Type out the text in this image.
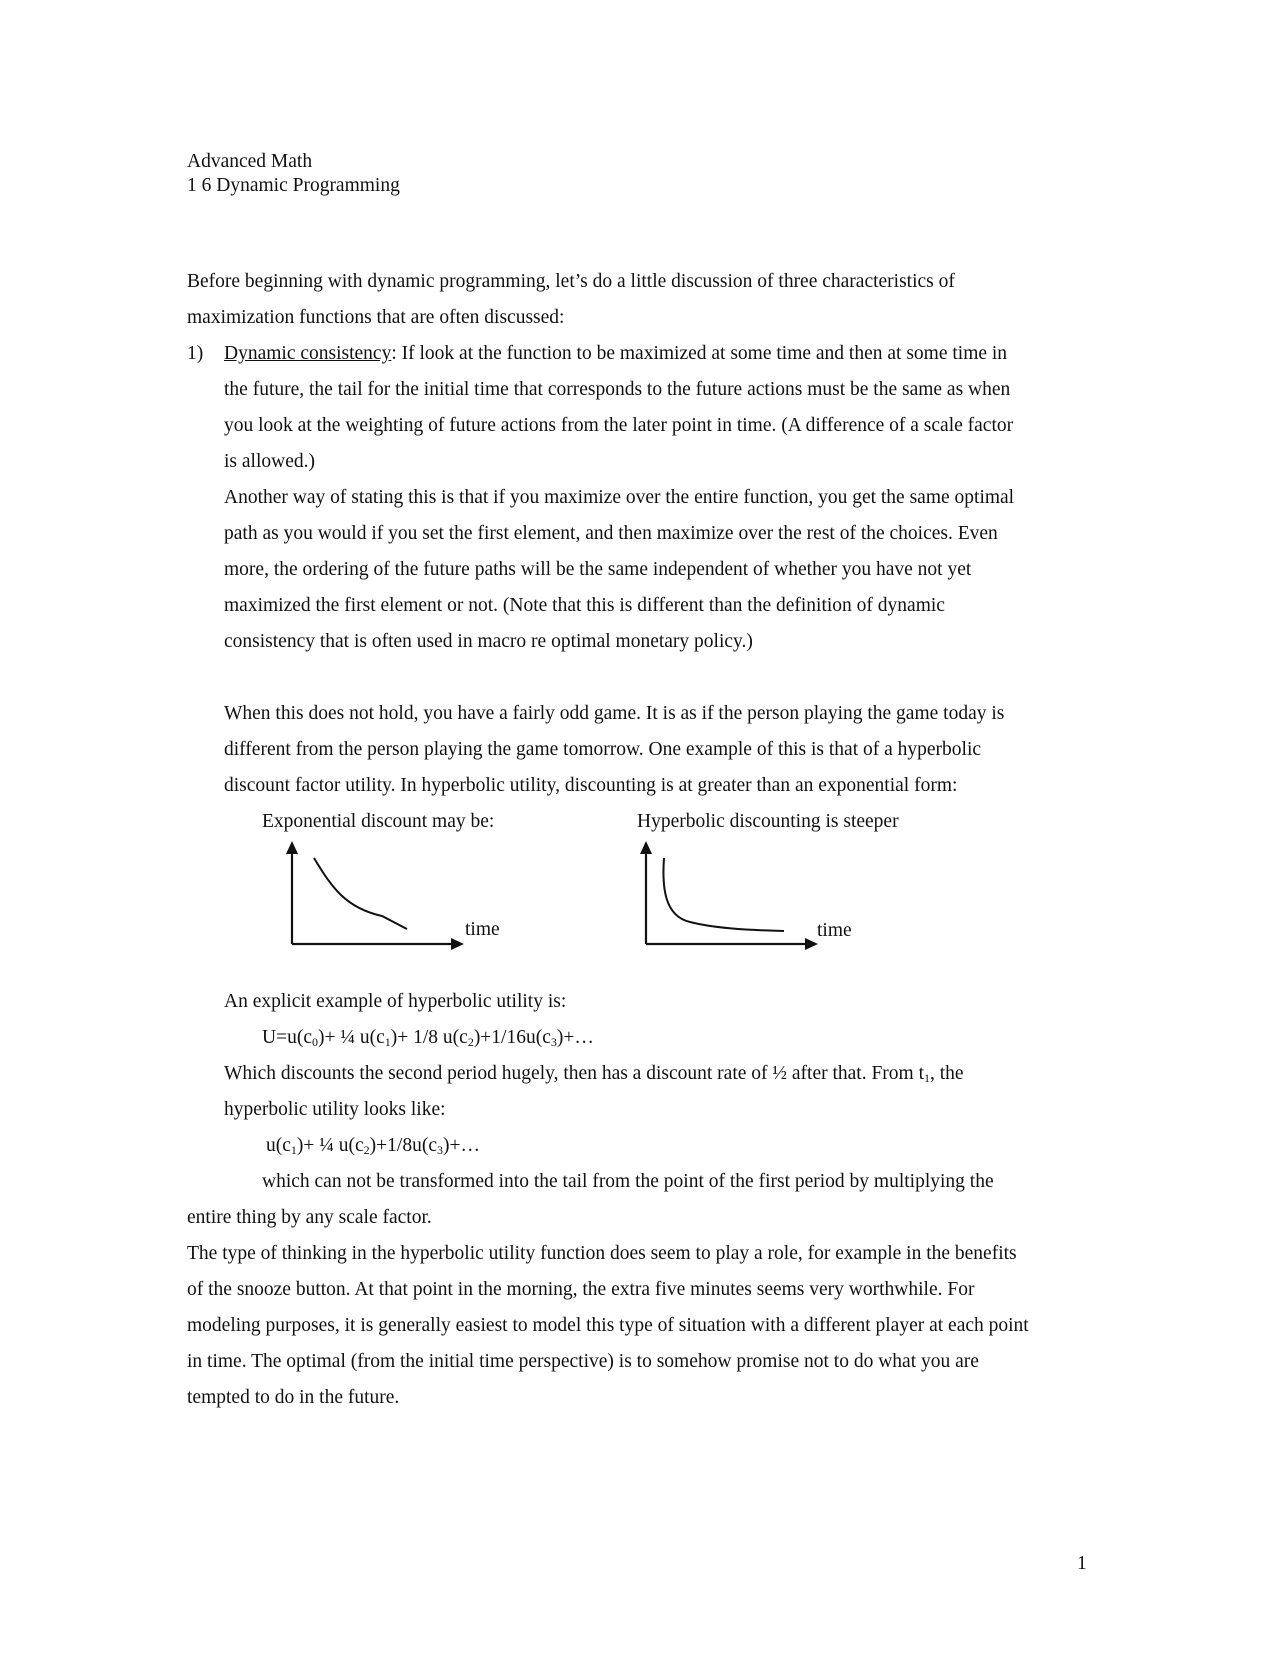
Advanced Math
1 6 Dynamic Programming
Before beginning with dynamic programming, let’s do a little discussion of three characteristics of
maximization functions that are often discussed:
1) Dynamic consistency: If look at the function to be maximized at some time and then at some time in
the future, the tail for the initial time that corresponds to the future actions must be the same as when
you look at the weighting of future actions from the later point in time. (A difference of a scale factor
is allowed.)
Another way of stating this is that if you maximize over the entire function, you get the same optimal
path as you would if you set the first element, and then maximize over the rest of the choices. Even
more, the ordering of the future paths will be the same independent of whether you have not yet
maximized the first element or not. (Note that this is different than the definition of dynamic
consistency that is often used in macro re optimal monetary policy.)
When this does not hold, you have a fairly odd game. It is as if the person playing the game today is
different from the person playing the game tomorrow. One example of this is that of a hyperbolic
discount factor utility. In hyperbolic utility, discounting is at greater than an exponential form:
Exponential discount may be:	Hyperbolic discounting is steeper
time	time
An explicit example of hyperbolic utility is:
$U=u(c_0)+$ ¼ $u(c_1)+ 1/8$ $u(c_2)+1/16u(c_3)+\dots$
Which discounts the second period hugely, then has a discount rate of ½ after that. From $t_1$, the
hyperbolic utility looks like:
$u(c_1)+$ ¼ $u(c_2)+1/8u(c_3)+\dots$
which can not be transformed into the tail from the point of the first period by multiplying the
entire thing by any scale factor.
The type of thinking in the hyperbolic utility function does seem to play a role, for example in the benefits
of the snooze button. At that point in the morning, the extra five minutes seems very worthwhile. For
modeling purposes, it is generally easiest to model this type of situation with a different player at each point
in time. The optimal (from the initial time perspective) is to somehow promise not to do what you are
tempted to do in the future.
1
